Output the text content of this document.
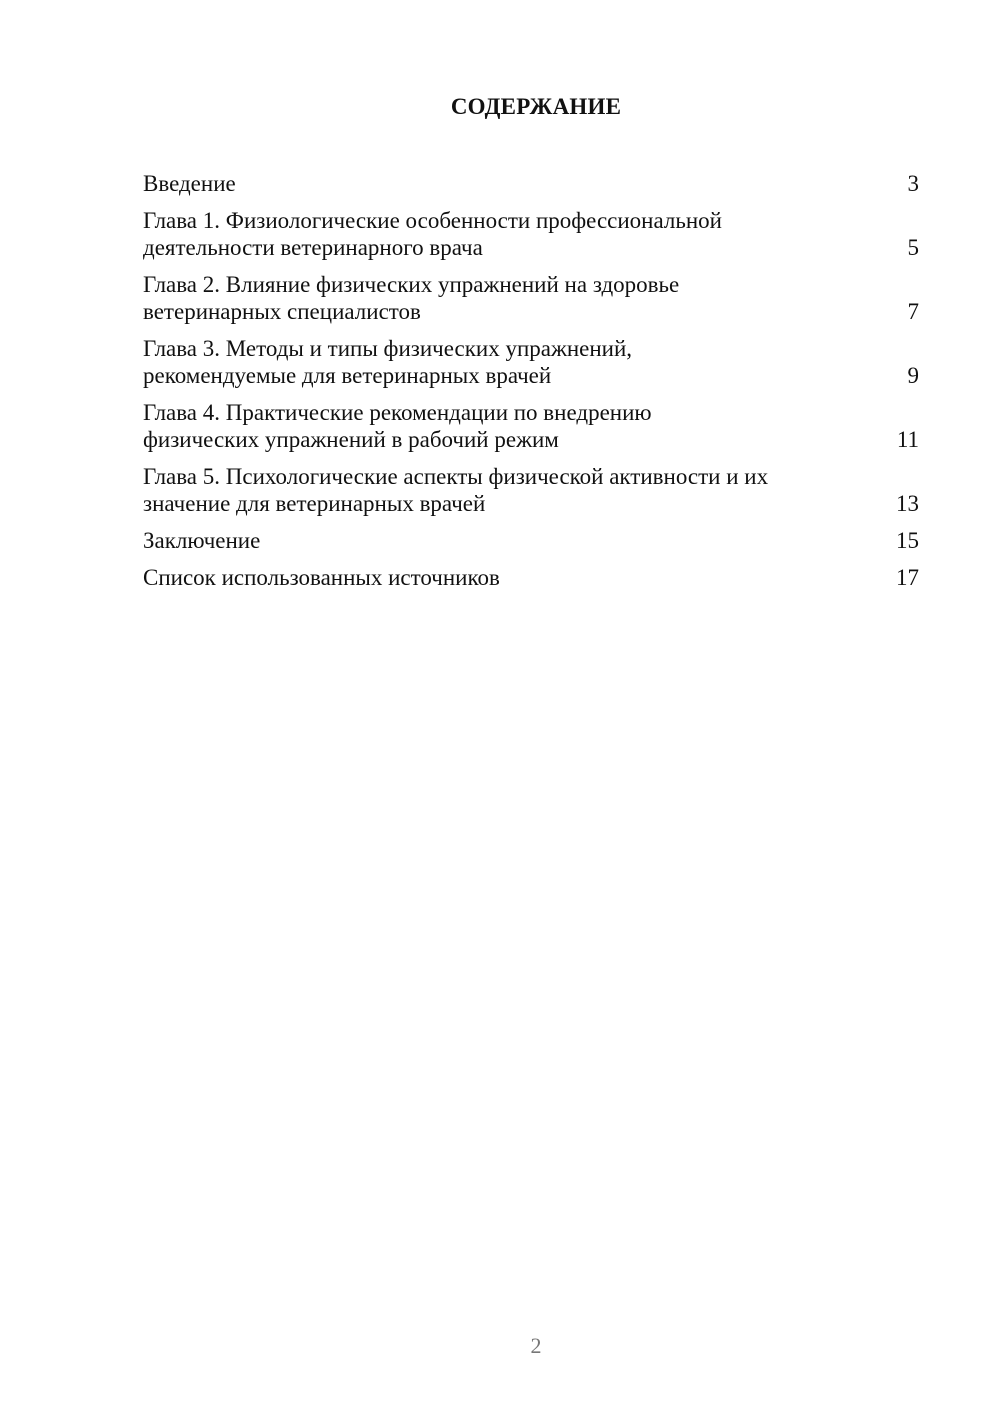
СОДЕРЖАНИЕ
Введение	3
Глава 1. Физиологические особенности профессиональной
деятельности ветеринарного врача	5
Глава 2. Влияние физических упражнений на здоровье
ветеринарных специалистов	7
Глава 3. Методы и типы физических упражнений,
рекомендуемые для ветеринарных врачей	9
Глава 4. Практические рекомендации по внедрению
физических упражнений в рабочий режим	11
Глава 5. Психологические аспекты физической активности и их
значение для ветеринарных врачей	13
Заключение	15
Список использованных источников	17
2
